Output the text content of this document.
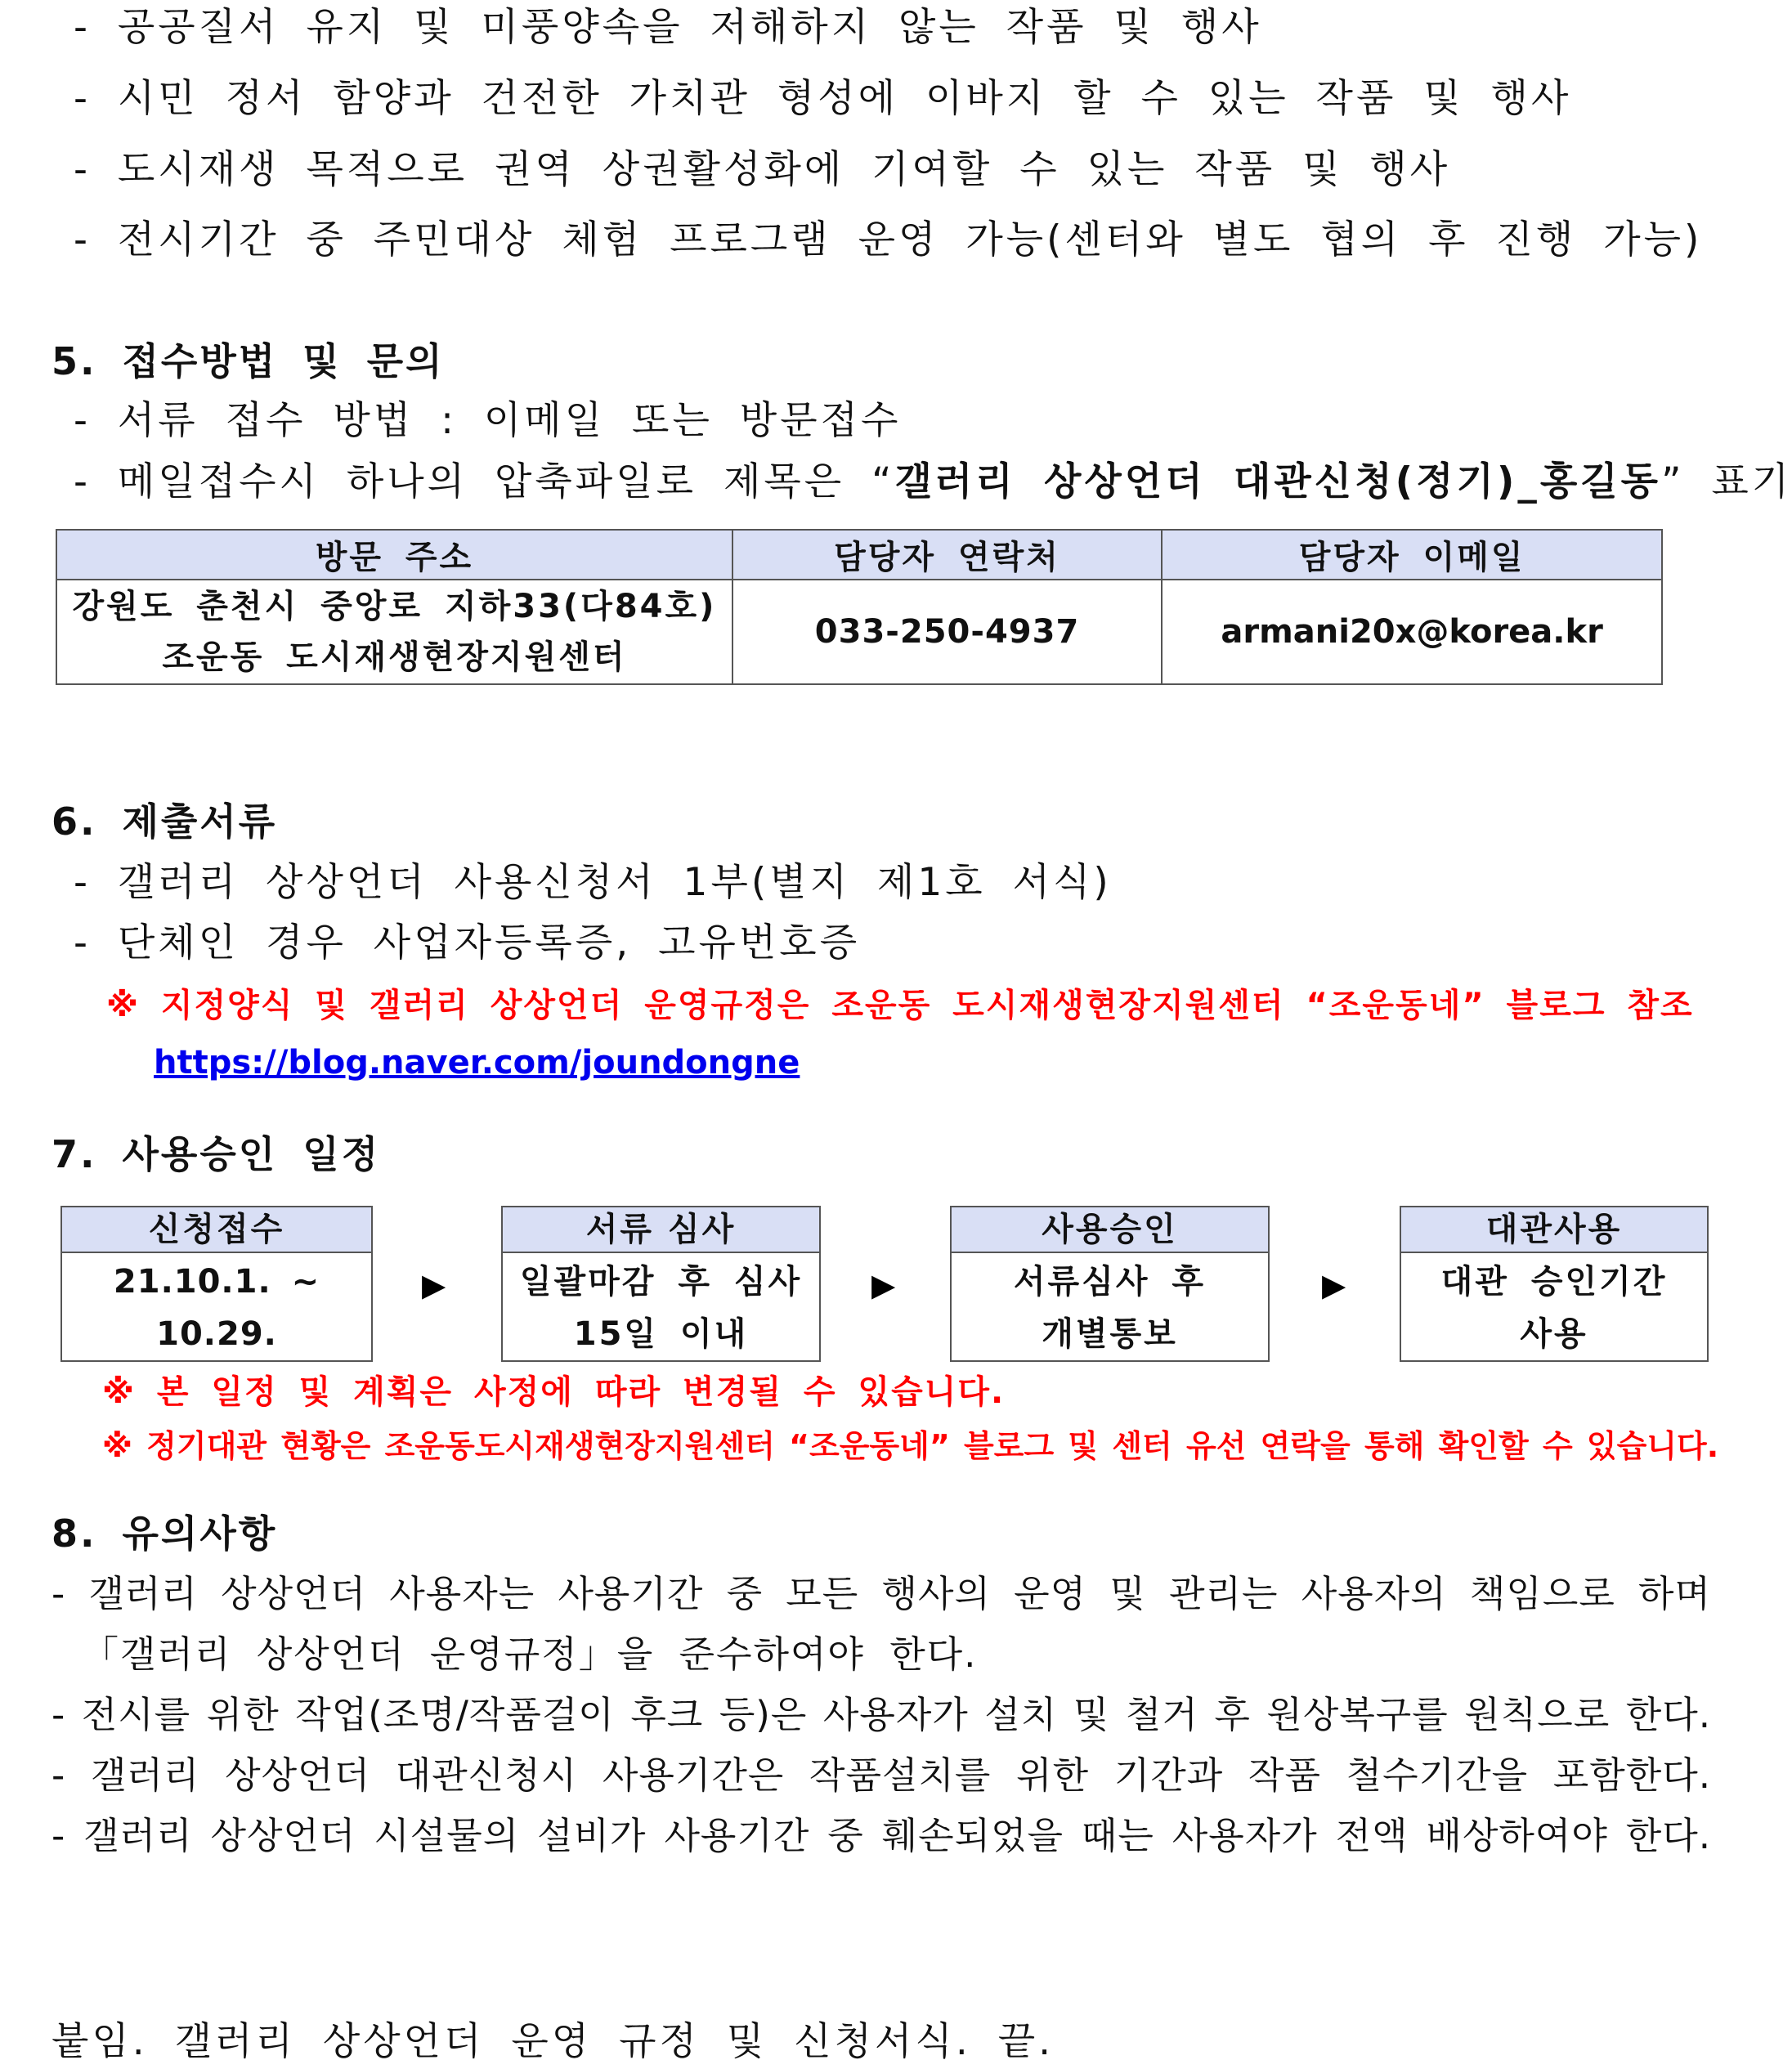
- 공공질서 유지 및 미풍양속을 저해하지 않는 작품 및 행사
- 시민 정서 함양과 건전한 가치관 형성에 이바지 할 수 있는 작품 및 행사
- 도시재생 목적으로 권역 상권활성화에 기여할 수 있는 작품 및 행사
- 전시기간 중 주민대상 체험 프로그램 운영 가능(센터와 별도 협의 후 진행 가능)
5. 접수방법 및 문의
- 서류 접수 방법 : 이메일 또는 방문접수
- 메일접수시 하나의 압축파일로 제목은 “갤러리 상상언더 대관신청(정기)_홍길동” 표기
방문 주소	담당자 연락처	담당자 이메일

강원도 춘천시 중앙로 지하33(다84호)
조운동 도시재생현장지원센터	033-250-4937	armani20x@korea.kr
6. 제출서류
- 갤러리 상상언더 사용신청서 1부(별지 제1호 서식)
- 단체인 경우 사업자등록증, 고유번호증
※ 지정양식 및 갤러리 상상언더 운영규정은 조운동 도시재생현장지원센터 “조운동네” 블로그 참조
https://blog.naver.com/joundongne
7. 사용승인 일정
신청접수
21.10.1. ~ 10.29.
▶
서류 심사
일괄마감 후 심사
15일 이내
▶
사용승인
서류심사 후
개별통보
▶
대관사용
대관 승인기간
사용
※ 본 일정 및 계획은 사정에 따라 변경될 수 있습니다.
※ 정기대관 현황은 조운동도시재생현장지원센터 “조운동네” 블로그 및 센터 유선 연락을 통해 확인할 수 있습니다.
8. 유의사항
- 갤러리 상상언더 사용자는 사용기간 중 모든 행사의 운영 및 관리는 사용자의 책임으로 하며
「갤러리 상상언더 운영규정」을 준수하여야 한다.
- 전시를 위한 작업(조명/작품걸이 후크 등)은 사용자가 설치 및 철거 후 원상복구를 원칙으로 한다.
- 갤러리 상상언더 대관신청시 사용기간은 작품설치를 위한 기간과 작품 철수기간을 포함한다.
- 갤러리 상상언더 시설물의 설비가 사용기간 중 훼손되었을 때는 사용자가 전액 배상하여야 한다.
붙임. 갤러리 상상언더 운영 규정 및 신청서식. 끝.
